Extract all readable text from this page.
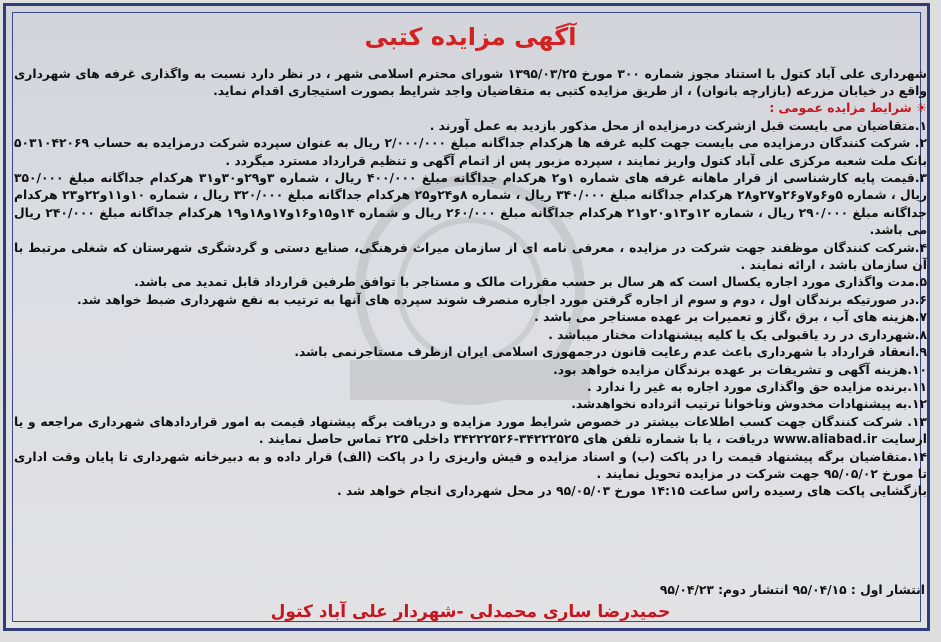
آگهی مزایده کتبی

شهرداری علی آباد کتول با استناد مجوز شماره ۳۰۰ مورخ ۱۳۹۵/۰۳/۲۵ شورای محترم اسلامی شهر ، در نظر دارد نسبت به واگذاری غرفه های شهرداری واقع در خیابان مزرعه (بازارچه بانوان) ، از طریق مزایده کتبی به متقاضیان واجد شرایط بصورت استیجاری اقدام نماید.

☀ شرایط مزایده عمومی :

۱.متقاضیان می بایست قبل ازشرکت درمزایده از محل مذکور بازدید به عمل آورند .

۲. شرکت کنندگان درمزایده می بایست جهت کلیه غرفه ها هرکدام جداگانه مبلغ ۲/۰۰۰/۰۰۰ ریال به عنوان سپرده شرکت درمزایده به حساب ۵۰۳۱۰۴۲۰۶۹ بانک ملت شعبه مرکزی علی آباد کتول واریز نمایند ، سپرده مزبور پس از اتمام آگهی و تنظیم قرارداد مسترد میگردد .

۳.قیمت پایه کارشناسی از قرار ماهانه غرفه های شماره ۱و۲ هرکدام جداگانه مبلغ ۴۰۰/۰۰۰ ریال ، شماره ۳و۲۹و۳۰و۳۱ هرکدام جداگانه مبلغ ۳۵۰/۰۰۰ ریال ، شماره ۵و۶و۷و۲۶و۲۷و۲۸ هرکدام جداگانه مبلغ ۳۴۰/۰۰۰ ریال ، شماره ۸و۲۴و۲۵ هرکدام جداگانه مبلغ ۳۲۰/۰۰۰ ریال ، شماره ۱۰و۱۱و۲۲و۲۳ هرکدام جداگانه مبلغ ۲۹۰/۰۰۰ ریال ، شماره ۱۲و۱۳و۲۰و۲۱ هرکدام جداگانه مبلغ ۲۶۰/۰۰۰ ریال و شماره ۱۴و۱۵و۱۶و۱۷و۱۸و۱۹ هرکدام جداگانه مبلغ ۲۴۰/۰۰۰ ریال می باشد.

۴.شرکت کنندگان موظفند جهت شرکت در مزایده ، معرفی نامه ای از سازمان میراث فرهنگی، صنایع دستی و گردشگری شهرستان که شغلی مرتبط با آن سازمان باشد ، ارائه نمایند .

۵.مدت واگذاری مورد اجاره یکسال است که هر سال بر حسب مقررات مالک و مستاجر با توافق طرفین قرارداد قابل تمدید می باشد.

۶.در صورتیکه برندگان اول ، دوم و سوم از اجاره گرفتن مورد اجاره منصرف شوند سپرده های آنها به ترتیب به نفع شهرداری ضبط خواهد شد.

۷.هزینه های آب ، برق ،گاز و تعمیرات بر عهده مستاجر می باشد .

۸.شهرداری در رد یاقبولی یک یا کلیه پیشنهادات مختار میباشد .

۹.انعقاد قرارداد با شهرداری باعث عدم رعایت قانون درجمهوری اسلامی ایران ازطرف مستاجرنمی باشد.

۱۰.هزینه آگهی و تشریفات بر عهده برندگان مزایده خواهد بود.

۱۱.برنده مزایده حق واگذاری مورد اجاره به غیر را ندارد .

۱۲.به پیشنهادات مخدوش وناخوانا ترتیب اثرداده نخواهدشد.

۱۳. شرکت کنندگان جهت کسب اطلاعات بیشتر در خصوص شرایط مورد مزایده و دریافت برگه پیشنهاد قیمت به امور قراردادهای شهرداری مراجعه و یا ازسایت www.aliabad.ir دریافت ، یا با شماره تلفن های ۳۴۲۲۲۵۲۵-۳۴۲۲۲۵۲۶ داخلی ۲۲۵ تماس حاصل نمایند .

۱۴.متقاضیان برگه پیشنهاد قیمت را در پاکت (ب) و اسناد مزایده و فیش واریزی را در پاکت (الف) قرار داده و به دبیرخانه شهرداری تا پایان وقت اداری تا مورخ ۹۵/۰۵/۰۲ جهت شرکت در مزایده تحویل نمایند .

بازگشایی پاکت های رسیده راس ساعت ۱۴:۱۵ مورخ ۹۵/۰۵/۰۳ در محل شهرداری انجام خواهد شد .

انتشار اول : ۹۵/۰۴/۱۵ انتشار دوم: ۹۵/۰۴/۲۳
حمیدرضا ساری محمدلی -شهردار علی آباد کتول
